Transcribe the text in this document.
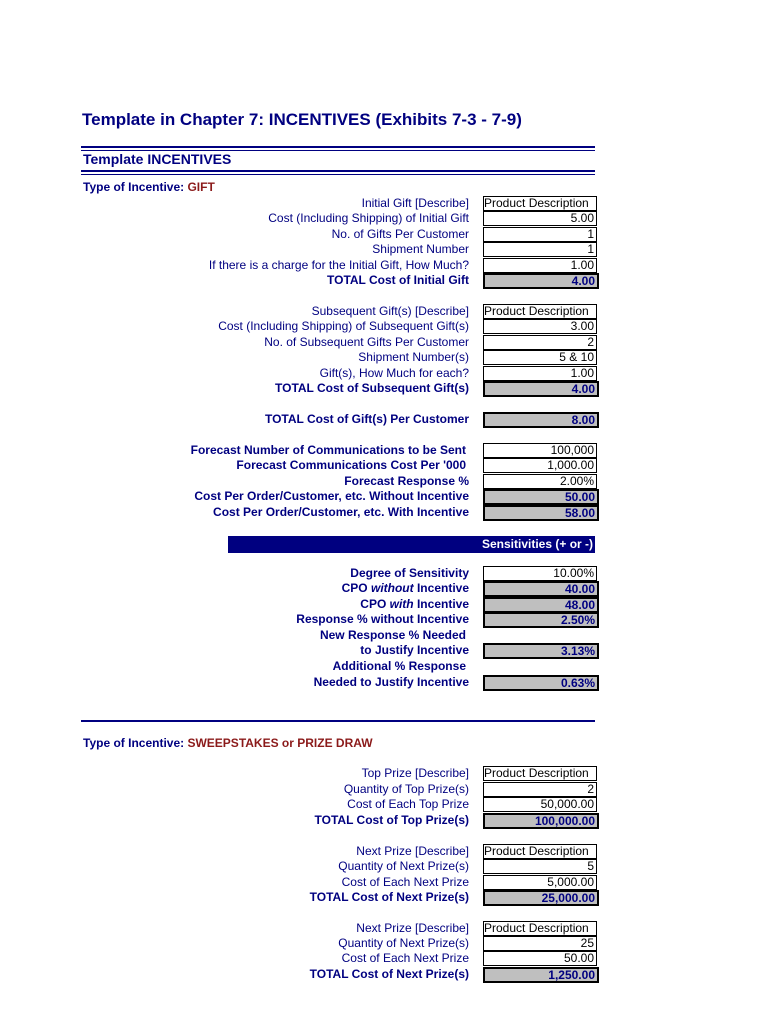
Template in Chapter 7: INCENTIVES (Exhibits 7-3 - 7-9)
Template INCENTIVES
Type of Incentive: GIFT
Initial Gift [Describe] Product Description
Cost (Including Shipping) of Initial Gift	5.00
No. of Gifts Per Customer	1
Shipment Number	1
If there is a charge for the Initial Gift, How Much?	1.00
TOTAL Cost of Initial Gift	4.00
Subsequent Gift(s) [Describe] Product Description
Cost (Including Shipping) of Subsequent Gift(s)	3.00
No. of Subsequent Gifts Per Customer	2
Shipment Number(s)	5 & 10
Gift(s), How Much for each?	1.00
TOTAL Cost of Subsequent Gift(s)	4.00
TOTAL Cost of Gift(s) Per Customer	8.00
Forecast Number of Communications to be Sent	100,000
Forecast Communications Cost Per '000	1,000.00
Forecast Response %	2.00%
Cost Per Order/Customer, etc. Without Incentive	50.00
Cost Per Order/Customer, etc. With Incentive	58.00
Sensitivities (+ or -)
Degree of Sensitivity	10.00%
CPO without Incentive	40.00
CPO with Incentive	48.00
Response % without Incentive	2.50%
New Response % Needed
to Justify Incentive	3.13%
Additional % Response
Needed to Justify Incentive	0.63%
Type of Incentive: SWEEPSTAKES or PRIZE DRAW
Top Prize [Describe] Product Description
Quantity of Top Prize(s)	2
Cost of Each Top Prize	50,000.00
TOTAL Cost of Top Prize(s)	100,000.00
Next Prize [Describe] Product Description
Quantity of Next Prize(s)	5
Cost of Each Next Prize	5,000.00
TOTAL Cost of Next Prize(s)	25,000.00
Next Prize [Describe] Product Description
Quantity of Next Prize(s)	25
Cost of Each Next Prize	50.00
TOTAL Cost of Next Prize(s)	1,250.00
